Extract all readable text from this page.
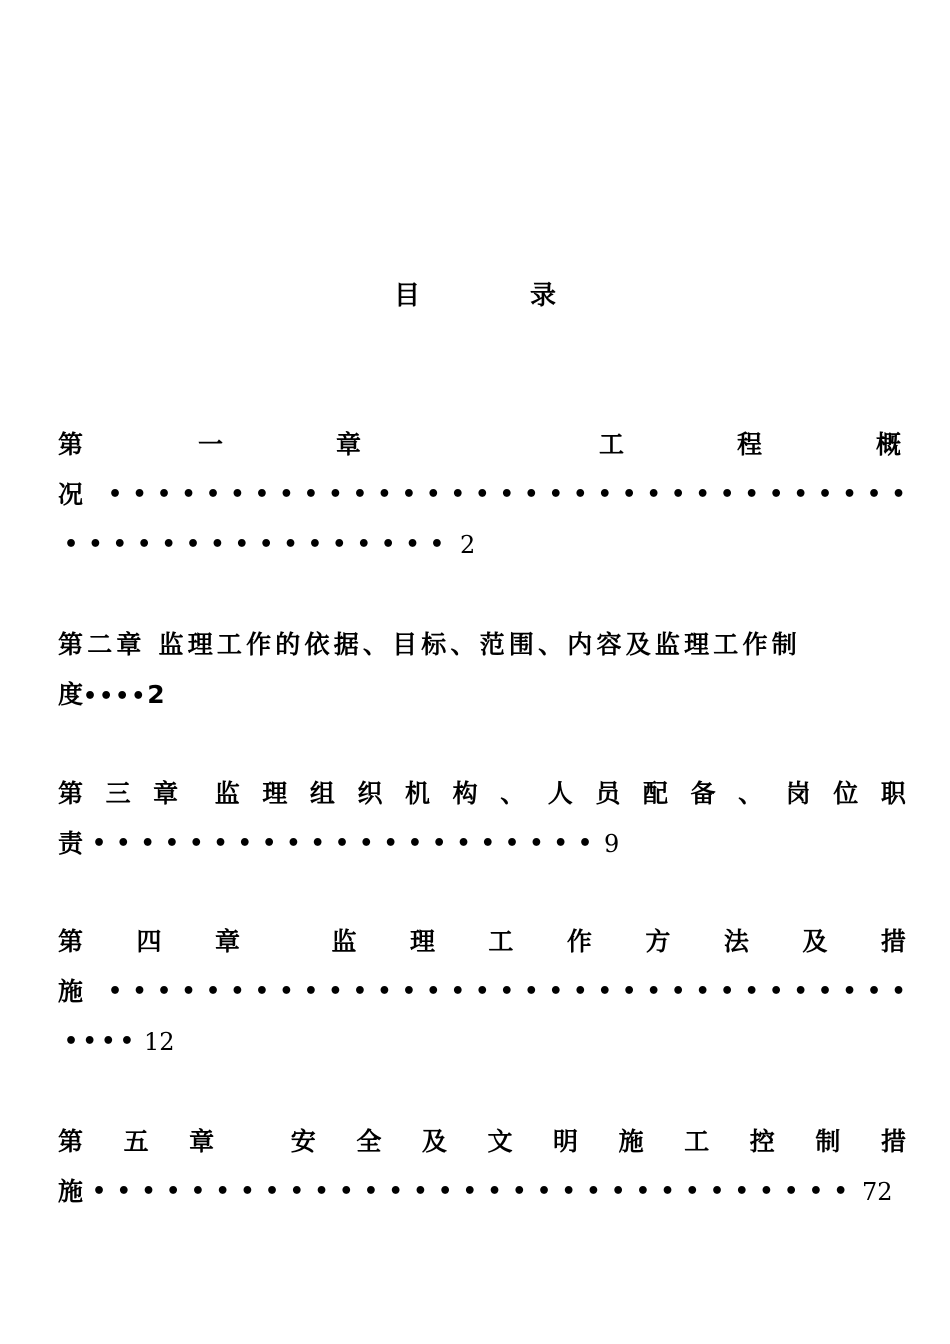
目	录
第	一	章	工	程	概
况 • • • • • • • • • • • • • • • • • • • • • • • • • • • • • • • • •
• • • • • • • • • • • • • • • • 2
第二章 监理工作的依据、目标、范围、内容及监理工作制
度••••2
第 三 章 监 理 组 织 机 构 、 人 员 配 备 、 岗 位 职
责 • • • • • • • • • • • • • • • • • • • • • 9
第 四 章	监 理 工 作 方 法 及 措
施 • • • • • • • • • • • • • • • • • • • • • • • • • • • • • • • • •
• • • • 12
第 五 章	安 全 及 文 明 施 工 控 制 措
施 • • • • • • • • • • • • • • • • • • • • • • • • • • • • • • • 72
